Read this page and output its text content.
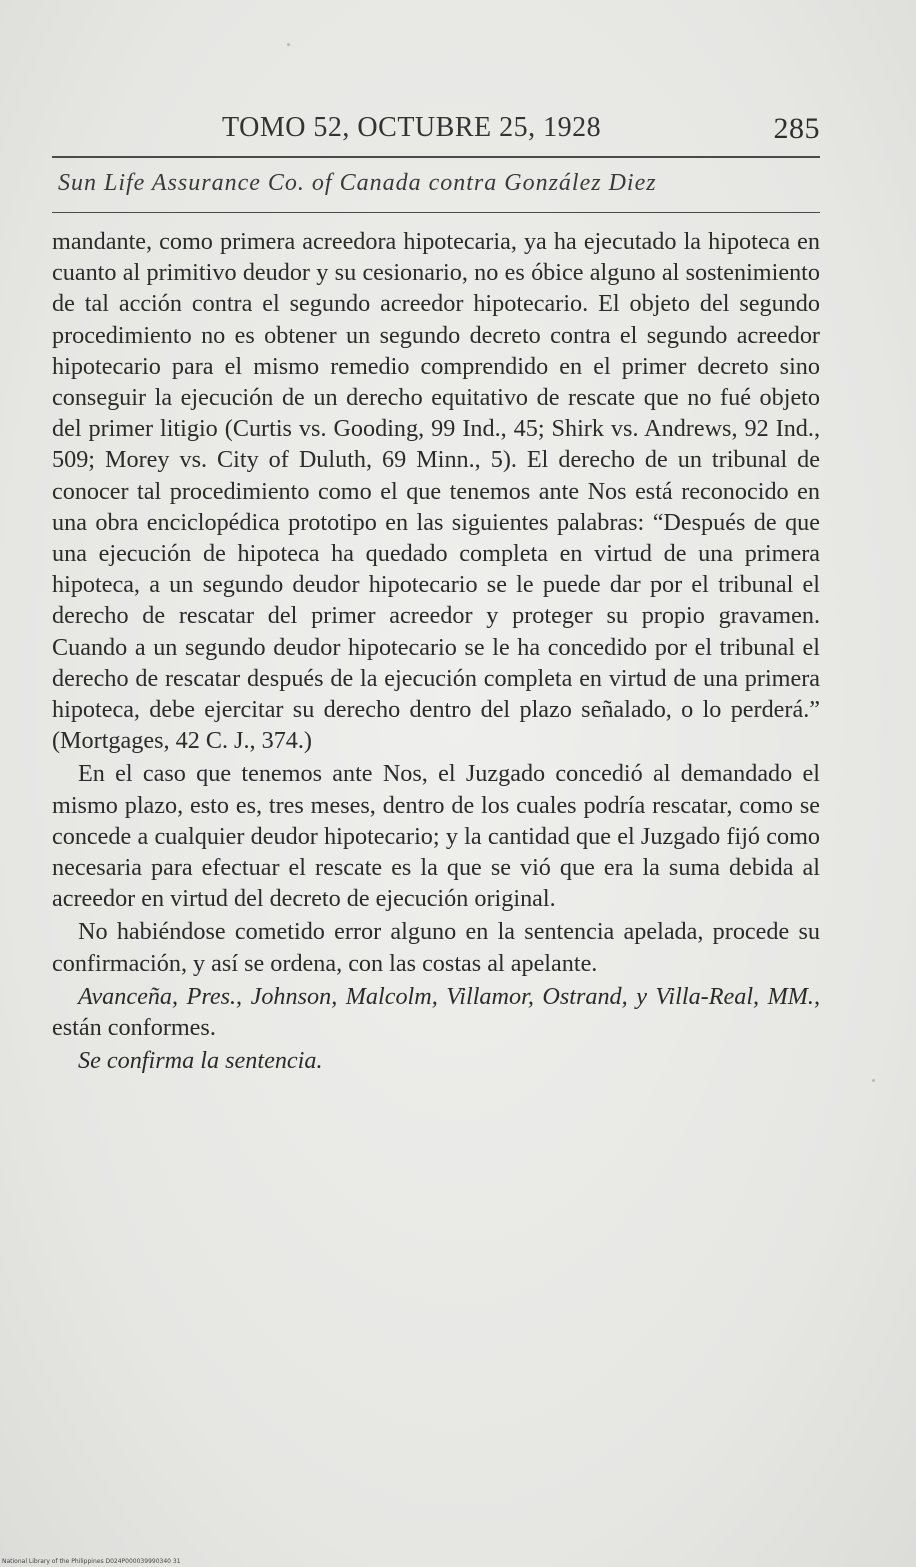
TOMO 52, OCTUBRE 25, 1928	285
Sun Life Assurance Co. of Canada contra González Diez

mandante, como primera acreedora hipotecaria, ya ha ejecutado la hipoteca en cuanto al primitivo deudor y su cesionario, no es óbice alguno al sostenimiento de tal acción contra el segundo acreedor hipotecario. El objeto del segundo procedimiento no es obtener un segundo decreto contra el segundo acreedor hipotecario para el mismo remedio comprendido en el primer decreto sino conseguir la ejecución de un derecho equitativo de rescate que no fué objeto del primer litigio (Curtis vs. Gooding, 99 Ind., 45; Shirk vs. Andrews, 92 Ind., 509; Morey vs. City of Duluth, 69 Minn., 5). El derecho de un tribunal de conocer tal procedimiento como el que tenemos ante Nos está reconocido en una obra enciclopédica prototipo en las siguientes palabras: “Después de que una ejecución de hipoteca ha quedado completa en virtud de una primera hipoteca, a un segundo deudor hipotecario se le puede dar por el tribunal el derecho de rescatar del primer acreedor y proteger su propio gravamen. Cuando a un segundo deudor hipotecario se le ha concedido por el tribunal el derecho de rescatar después de la ejecución completa en virtud de una primera hipoteca, debe ejercitar su derecho dentro del plazo señalado, o lo perderá.” (Mortgages, 42 C. J., 374.)

En el caso que tenemos ante Nos, el Juzgado concedió al demandado el mismo plazo, esto es, tres meses, dentro de los cuales podría rescatar, como se concede a cualquier deudor hipotecario; y la cantidad que el Juzgado fijó como necesaria para efectuar el rescate es la que se vió que era la suma debida al acreedor en virtud del decreto de ejecución original.

No habiéndose cometido error alguno en la sentencia apelada, procede su confirmación, y así se ordena, con las costas al apelante.

Avanceña, Pres., Johnson, Malcolm, Villamor, Ostrand, y Villa-Real, MM., están conformes.

Se confirma la sentencia.

National Library of the Philippines D024P000039990340 31
